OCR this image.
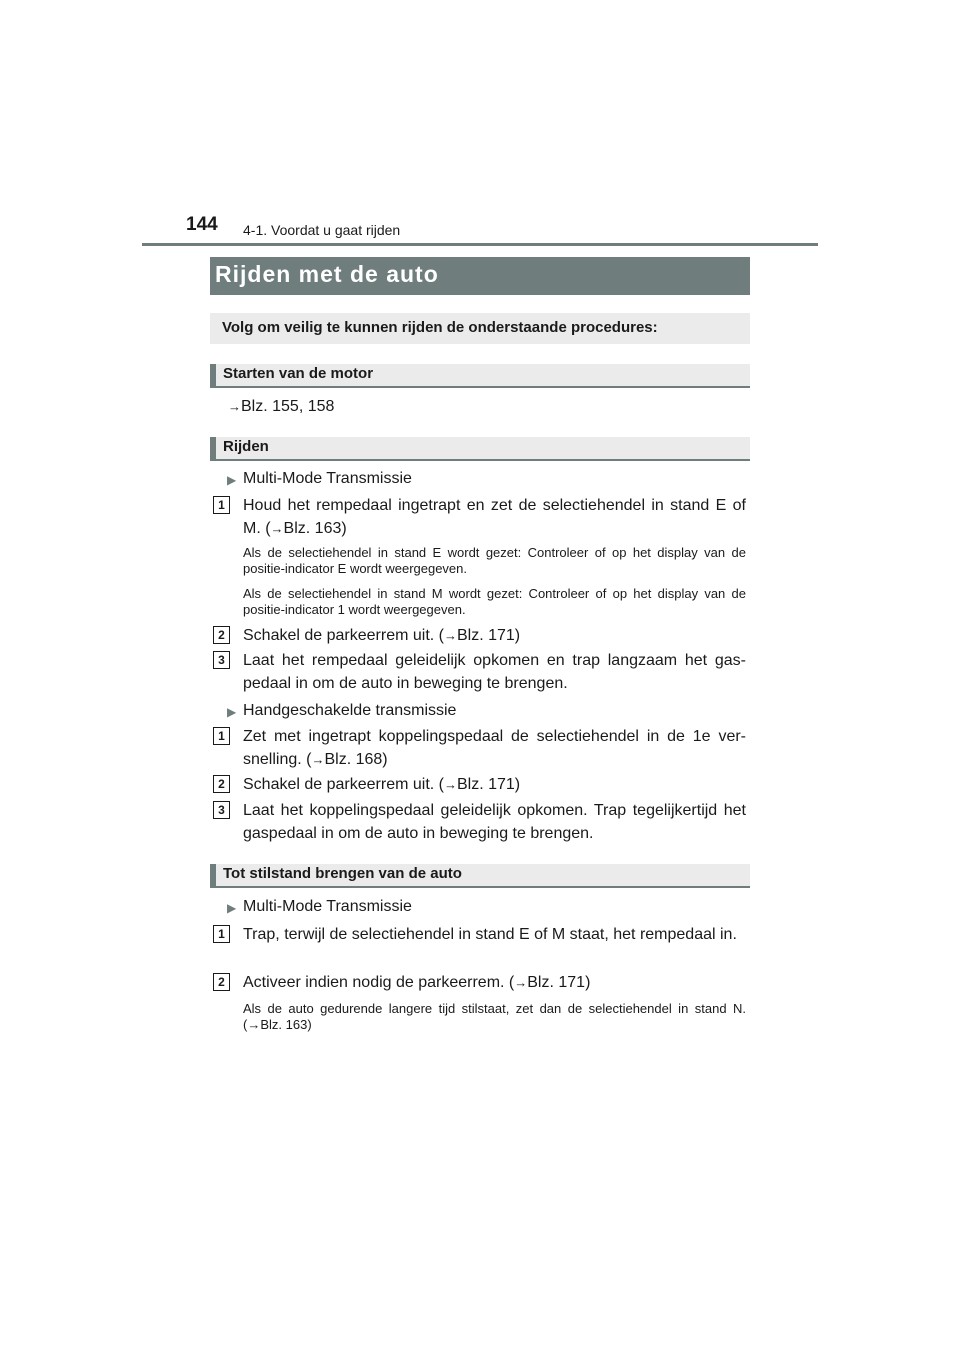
144 4-1. Voordat u gaat rijden
Rijden met de auto
Volg om veilig te kunnen rijden de onderstaande procedures:
Starten van de motor
→Blz. 155, 158
Rijden
▶ Multi-Mode Transmissie
1	Houd het rempedaal ingetrapt en zet de selectiehendel in stand E of M. (→Blz. 163)
Als de selectiehendel in stand E wordt gezet: Controleer of op het display van de positie-indicator E wordt weergegeven.
Als de selectiehendel in stand M wordt gezet: Controleer of op het display van de positie-indicator 1 wordt weergegeven.
2	Schakel de parkeerrem uit. (→Blz. 171)
3	Laat het rempedaal geleidelijk opkomen en trap langzaam het gas-pedaal in om de auto in beweging te brengen.
▶ Handgeschakelde transmissie
1	Zet met ingetrapt koppelingspedaal de selectiehendel in de 1e ver-snelling. (→Blz. 168)
2	Schakel de parkeerrem uit. (→Blz. 171)
3	Laat het koppelingspedaal geleidelijk opkomen. Trap tegelijkertijd het gaspedaal in om de auto in beweging te brengen.
Tot stilstand brengen van de auto
▶ Multi-Mode Transmissie
1	Trap, terwijl de selectiehendel in stand E of M staat, het rempedaal in.
2	Activeer indien nodig de parkeerrem. (→Blz. 171)
Als de auto gedurende langere tijd stilstaat, zet dan de selectiehendel in stand N. (→Blz. 163)
